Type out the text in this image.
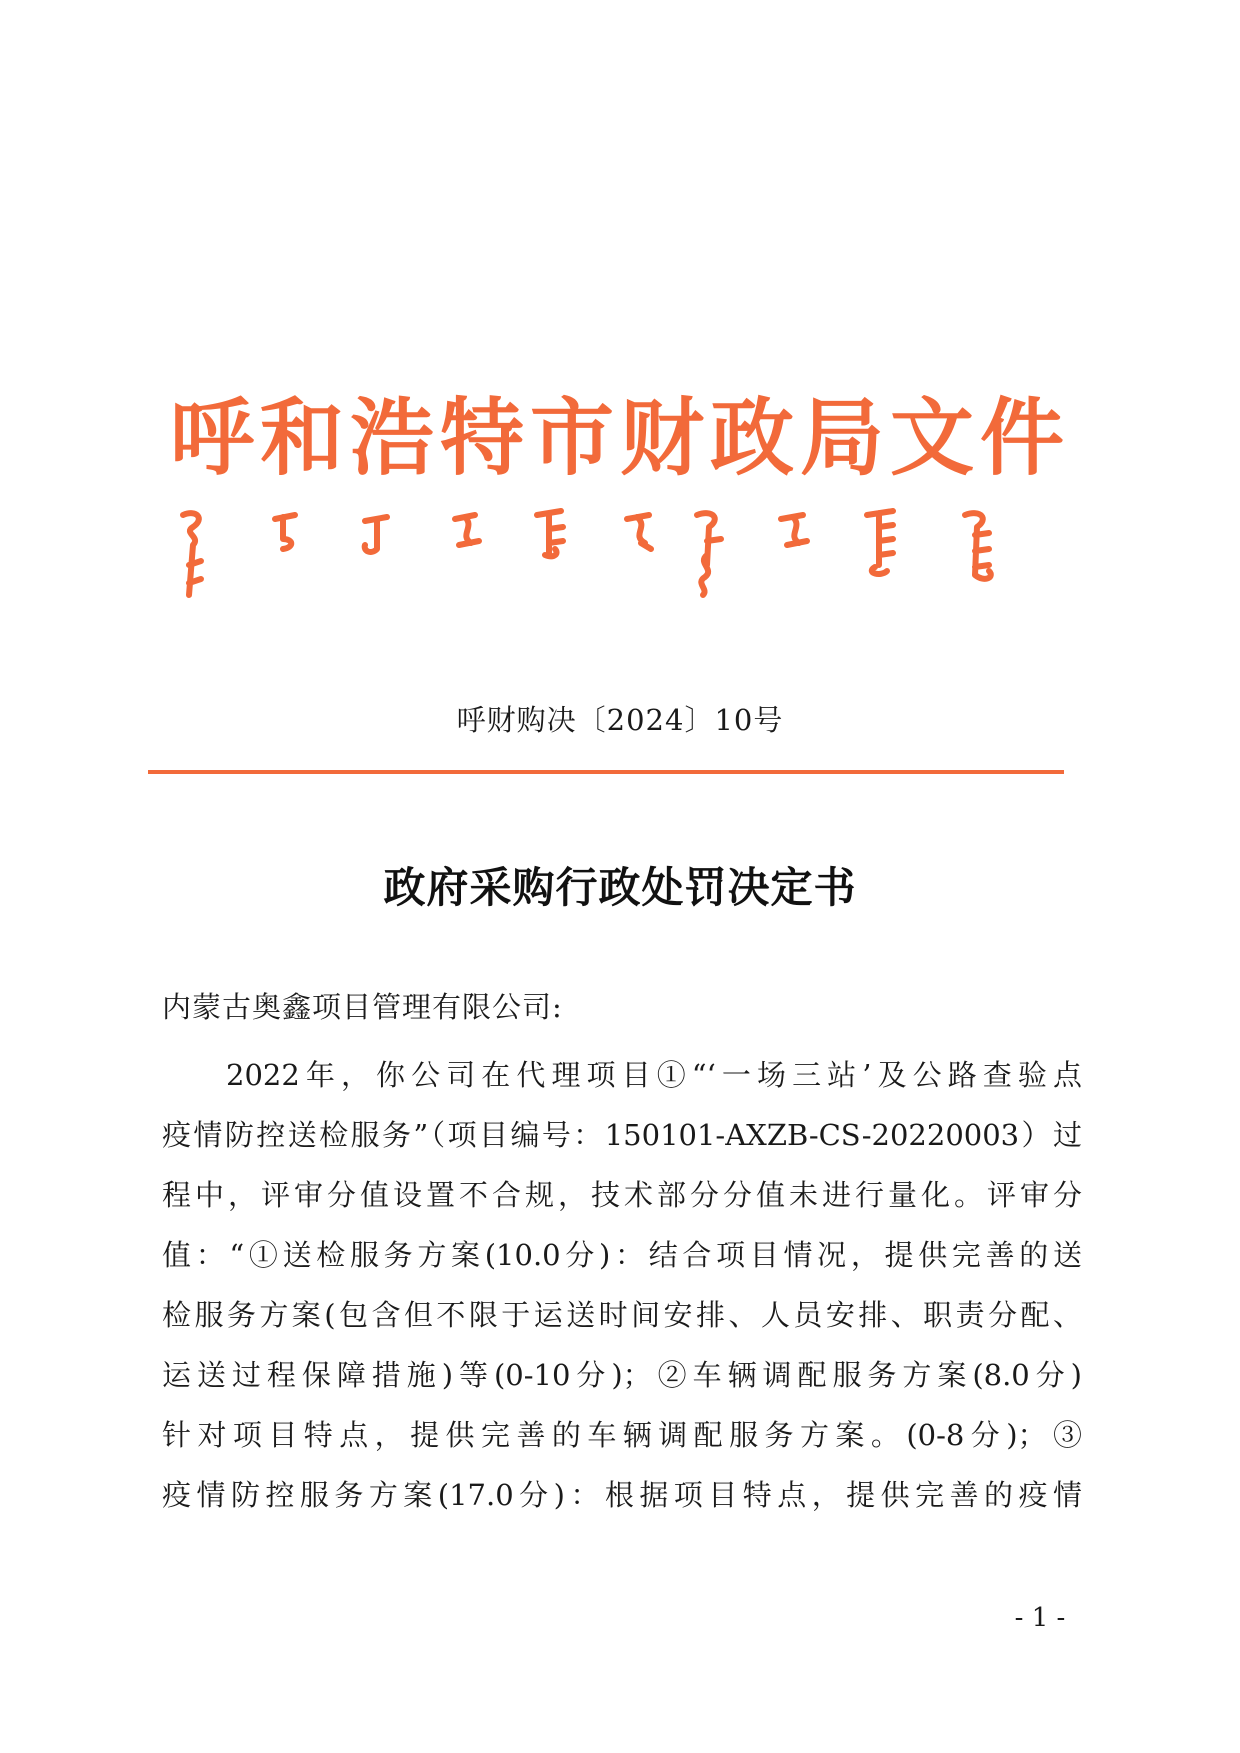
呼和浩特市财政局文件
呼财购决〔2024〕10号
政府采购行政处罚决定书
内蒙古奥鑫项目管理有限公司:
2022年，你公司在代理项目①“‘一场三站’及公路查验点
疫情防控送检服务”（项目编号：150101-AXZB-CS-20220003）过
程中，评审分值设置不合规，技术部分分值未进行量化。评审分
值：“①送检服务方案(10.0分)：结合项目情况，提供完善的送
检服务方案(包含但不限于运送时间安排、人员安排、职责分配、
运送过程保障措施)等(0-10分)；②车辆调配服务方案(8.0分)
针对项目特点，提供完善的车辆调配服务方案。(0-8分)；③
疫情防控服务方案(17.0分)：根据项目特点，提供完善的疫情
- 1 -
